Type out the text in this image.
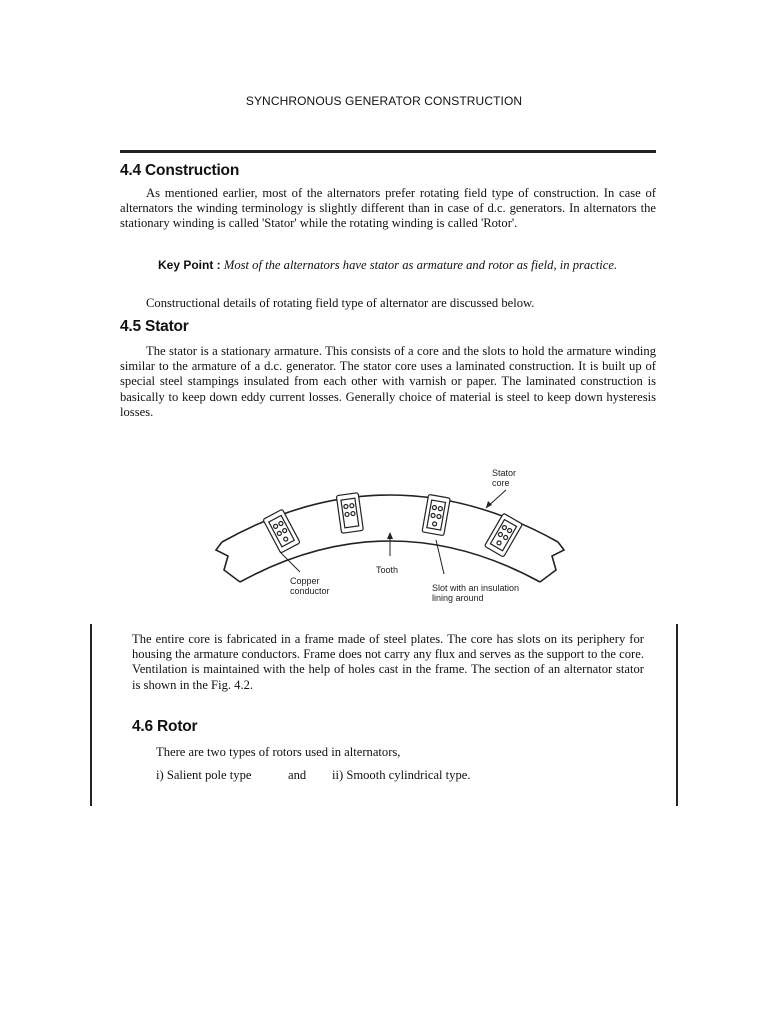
SYNCHRONOUS GENERATOR CONSTRUCTION
4.4 Construction
As mentioned earlier, most of the alternators prefer rotating field type of construction. In case of alternators the winding terminology is slightly different than in case of d.c. generators. In alternators the stationary winding is called 'Stator' while the rotating winding is called 'Rotor'.
Key Point : Most of the alternators have stator as armature and rotor as field, in practice.
Constructional details of rotating field type of alternator are discussed below.
4.5 Stator
The stator is a stationary armature. This consists of a core and the slots to hold the armature winding similar to the armature of a d.c. generator. The stator core uses a laminated construction. It is built up of special steel stampings insulated from each other with varnish or paper. The laminated construction is basically to keep down eddy current losses. Generally choice of material is steel to keep down hysteresis losses.
Stator core
Tooth
Copper conductor	Slot with an insulation lining around
The entire core is fabricated in a frame made of steel plates. The core has slots on its periphery for housing the armature conductors. Frame does not carry any flux and serves as the support to the core. Ventilation is maintained with the help of holes cast in the frame. The section of an alternator stator is shown in the Fig. 4.2.
4.6 Rotor
There are two types of rotors used in alternators,
i) Salient pole type	and ii) Smooth cylindrical type.
